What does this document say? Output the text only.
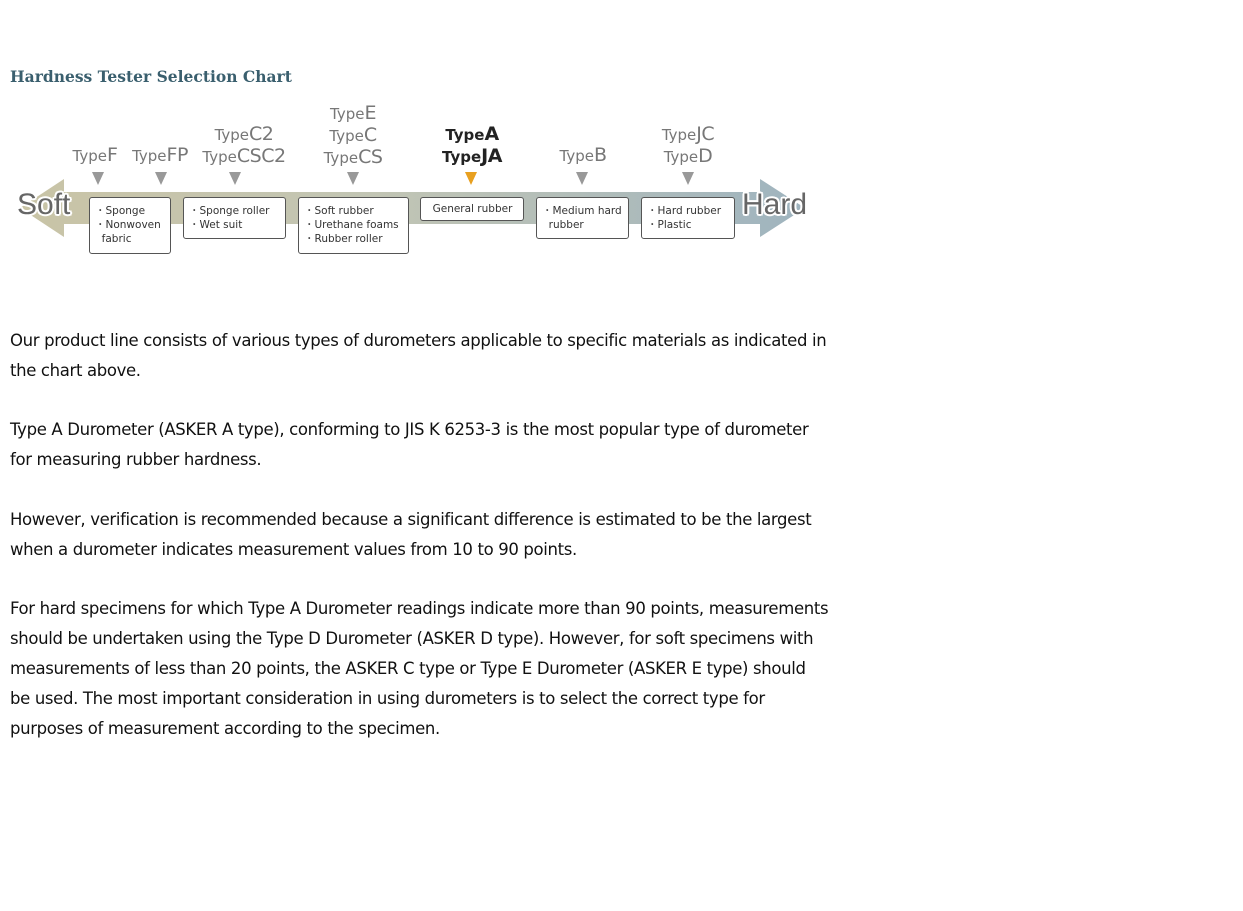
Hardness Tester Selection Chart
Soft	Hard
TypeF TypeFP
TypeC2
TypeCSC2
TypeE
TypeC
TypeCS
TypeA
TypeJA	TypeB
TypeJC
TypeD
・Sponge
・Nonwoven
fabric
・Sponge roller
・Wet suit
・Soft rubber
・Urethane foams
・Rubber roller
General rubber	・Medium hard
rubber
・Hard rubber
・Plastic

Our product line consists of various types of durometers applicable to specific materials as indicated in the chart above.

Type A Durometer (ASKER A type), conforming to JIS K 6253-3 is the most popular type of durometer for measuring rubber hardness.

However, verification is recommended because a significant difference is estimated to be the largest when a durometer indicates measurement values from 10 to 90 points.

For hard specimens for which Type A Durometer readings indicate more than 90 points, measurements should be undertaken using the Type D Durometer (ASKER D type). However, for soft specimens with measurements of less than 20 points, the ASKER C type or Type E Durometer (ASKER E type) should be used. The most important consideration in using durometers is to select the correct type for purposes of measurement according to the specimen.
